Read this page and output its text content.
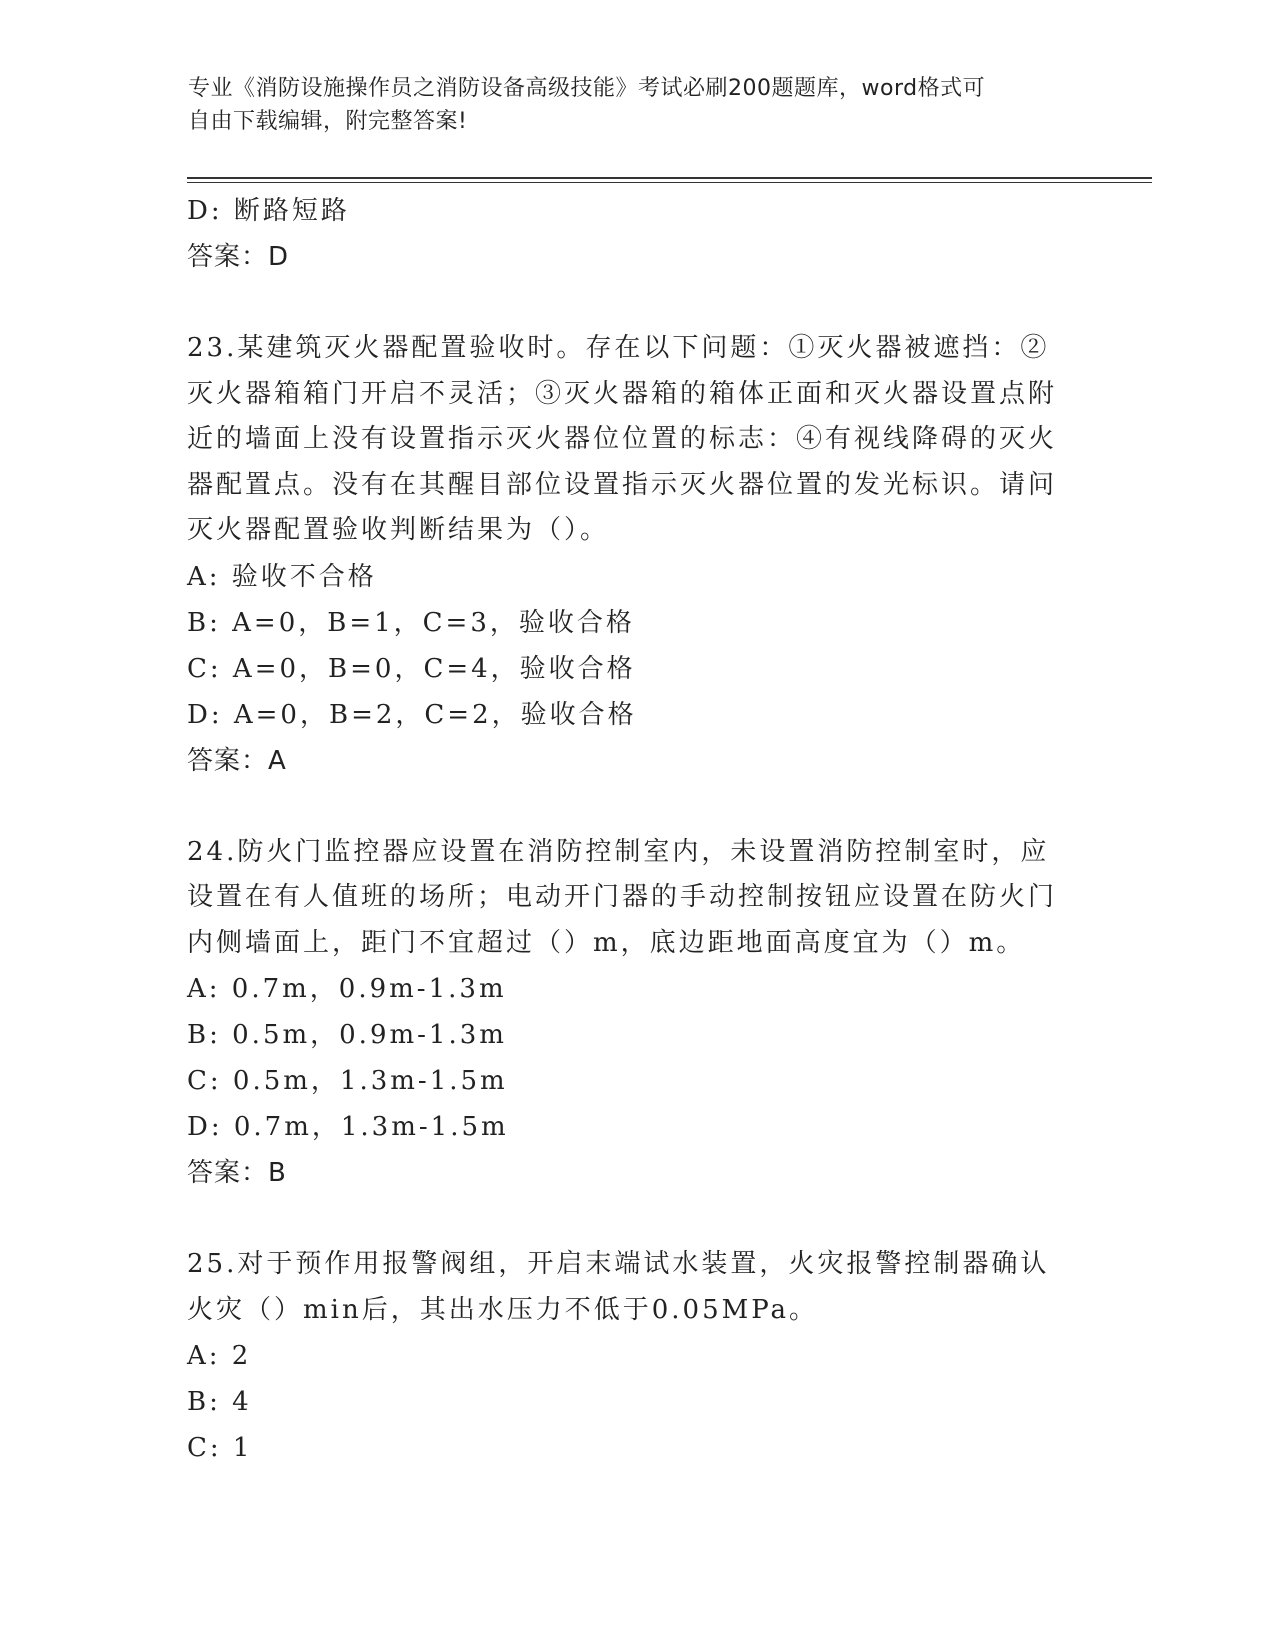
专业《消防设施操作员之消防设备高级技能》考试必刷200题题库，word格式可
自由下载编辑，附完整答案!
D: 断路短路
答案：D
23.某建筑灭火器配置验收时。存在以下问题：①灭火器被遮挡：②灭火器箱箱门开启不灵活；③灭火器箱的箱体正面和灭火器设置点附近的墙面上没有设置指示灭火器位位置的标志：④有视线降碍的灭火器配置点。没有在其醒目部位设置指示灭火器位置的发光标识。请问灭火器配置验收判断结果为（）。
A: 验收不合格
B: A=0，B=1，C=3，验收合格
C: A=0，B=0，C=4，验收合格
D: A=0，B=2，C=2，验收合格
答案：A
24.防火门监控器应设置在消防控制室内，未设置消防控制室时，应设置在有人值班的场所；电动开门器的手动控制按钮应设置在防火门内侧墙面上，距门不宜超过（）m，底边距地面高度宜为（）m。
A: 0.7m，0.9m-1.3m
B: 0.5m，0.9m-1.3m
C: 0.5m，1.3m-1.5m
D: 0.7m，1.3m-1.5m
答案：B
25.对于预作用报警阀组，开启末端试水装置，火灾报警控制器确认火灾（）min后，其出水压力不低于0.05MPa。
A: 2
B: 4
C: 1
